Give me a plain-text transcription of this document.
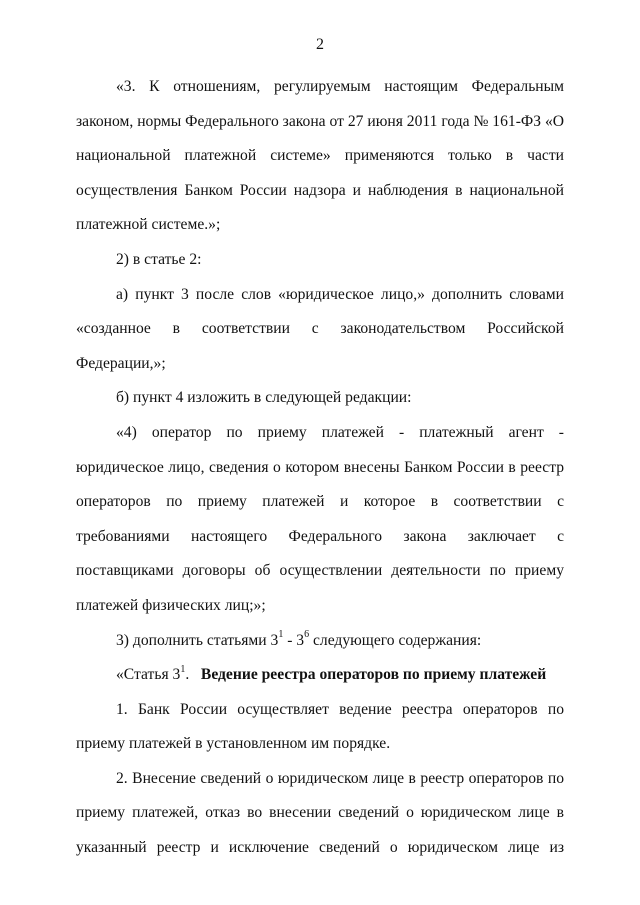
2

«3. К отношениям, регулируемым настоящим Федеральным законом, нормы Федерального закона от 27 июня 2011 года № 161-ФЗ «О национальной платежной системе» применяются только в части осуществления Банком России надзора и наблюдения в национальной платежной системе.»;

2) в статье 2:

а) пункт 3 после слов «юридическое лицо,» дополнить словами «созданное в соответствии с законодательством Российской Федерации,»;

б) пункт 4 изложить в следующей редакции:

«4) оператор по приему платежей - платежный агент - юридическое лицо, сведения о котором внесены Банком России в реестр операторов по приему платежей и которое в соответствии с требованиями настоящего Федерального закона заключает с поставщиками договоры об осуществлении деятельности по приему платежей физических лиц;»;

3) дополнить статьями $3^1 - 3^6$ следующего содержания:

«Статья $3^1$. Ведение реестра операторов по приему платежей

1. Банк России осуществляет ведение реестра операторов по приему платежей в установленном им порядке.

2. Внесение сведений о юридическом лице в реестр операторов по приему платежей, отказ во внесении сведений о юридическом лице в указанный реестр и исключение сведений о юридическом лице из
